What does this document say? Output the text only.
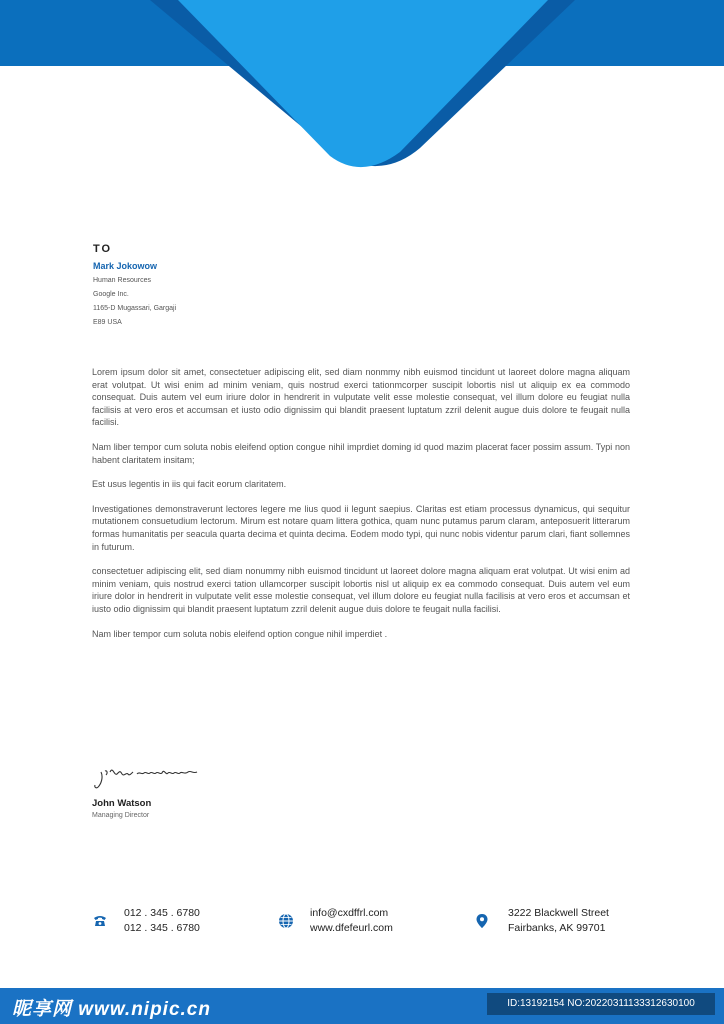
TO
Mark Jokowow
Human Resources
Google Inc.
1165-D Mugassari, Gargaji
E89 USA

Lorem ipsum dolor sit amet, consectetuer adipiscing elit, sed diam nonmmy nibh euismod tincidunt ut laoreet dolore magna aliquam erat volutpat. Ut wisi enim ad minim veniam, quis nostrud exerci tationmcorper suscipit lobortis nisl ut aliquip ex ea commodo consequat. Duis autem vel eum iriure dolor in hendrerit in vulputate velit esse molestie consequat, vel illum dolore eu feugiat nulla facilisis at vero eros et accumsan et iusto odio dignissim qui blandit praesent luptatum zzril delenit augue duis dolore te feugait nulla facilisi.

Nam liber tempor cum soluta nobis eleifend option congue nihil imprdiet doming id quod mazim placerat facer possim assum. Typi non habent claritatem insitam;

Est usus legentis in iis qui facit eorum claritatem.

Investigationes demonstraverunt lectores legere me lius quod ii legunt saepius. Claritas est etiam processus dynamicus, qui sequitur mutationem consuetudium lectorum. Mirum est notare quam littera gothica, quam nunc putamus parum claram, anteposuerit litterarum formas humanitatis per seacula quarta decima et quinta decima. Eodem modo typi, qui nunc nobis videntur parum clari, fiant sollemnes in futurum.

consectetuer adipiscing elit, sed diam nonummy nibh euismod tincidunt ut laoreet dolore magna aliquam erat volutpat. Ut wisi enim ad minim veniam, quis nostrud exerci tation ullamcorper suscipit lobortis nisl ut aliquip ex ea commodo consequat. Duis autem vel eum iriure dolor in hendrerit in vulputate velit esse molestie consequat, vel illum dolore eu feugiat nulla facilisis at vero eros et accumsan et iusto odio dignissim qui blandit praesent luptatum zzril delenit augue duis dolore te feugait nulla facilisi.

Nam liber tempor cum soluta nobis eleifend option congue nihil imperdiet .

John Watson
Managing Director
012 . 345 . 6780
012 . 345 . 6780
info@cxdffrl.com
www.dfefeurl.com
3222 Blackwell Street
Fairbanks, AK 99701
昵享网 www.nipic.cn	ID:13192154 NO:20220311133312630100
